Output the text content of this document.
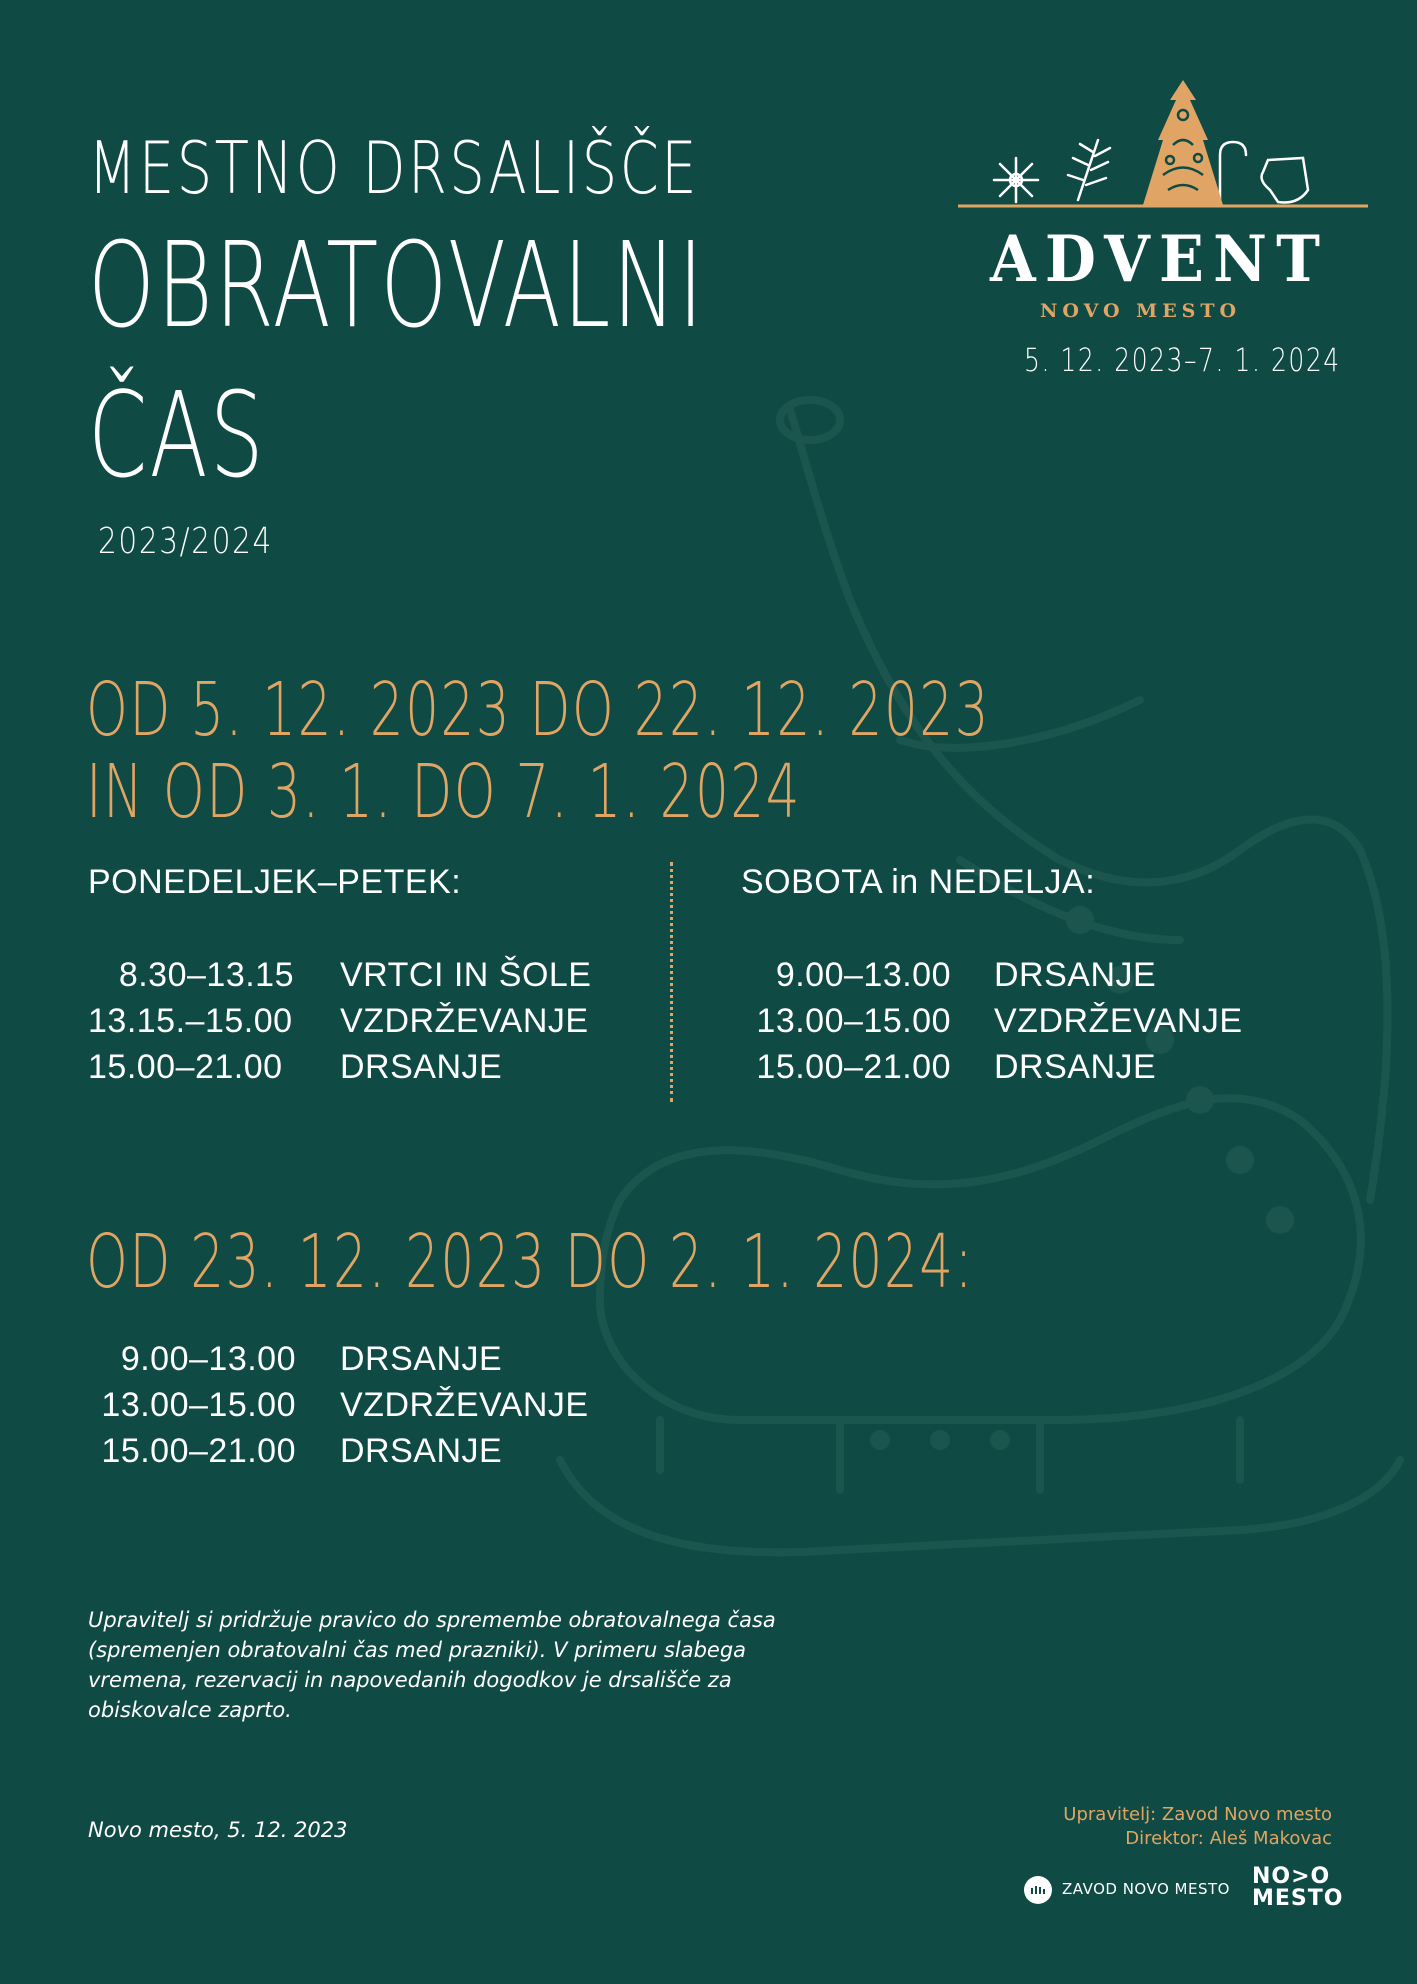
MESTNO DRSALIŠČE
OBRATOVALNI
ČAS
2023/2024
ADVENT
NOVO MESTO
5. 12. 2023–7. 1. 2024
OD 5. 12. 2023 DO 22. 12. 2023
IN OD 3. 1. DO 7. 1. 2024
PONEDELJEK–PETEK:	SOBOTA in NEDELJA:
8.30–13.15 VRTCI IN ŠOLE
13.15.–15.00 VZDRŽEVANJE
15.00–21.00 DRSANJE
9.00–13.00 DRSANJE
13.00–15.00 VZDRŽEVANJE
15.00–21.00 DRSANJE
OD 23. 12. 2023 DO 2. 1. 2024:
9.00–13.00 DRSANJE
13.00–15.00 VZDRŽEVANJE
15.00–21.00 DRSANJE
Upravitelj si pridržuje pravico do spremembe obratovalnega časa (spremenjen obratovalni čas med prazniki). V primeru slabega vremena, rezervacij in napovedanih dogodkov je drsališče za obiskovalce zaprto.
Novo mesto, 5. 12. 2023
Upravitelj: Zavod Novo mesto
Direktor: Aleš Makovac
ZAVOD NOVO MESTO NO>O
MESTO
